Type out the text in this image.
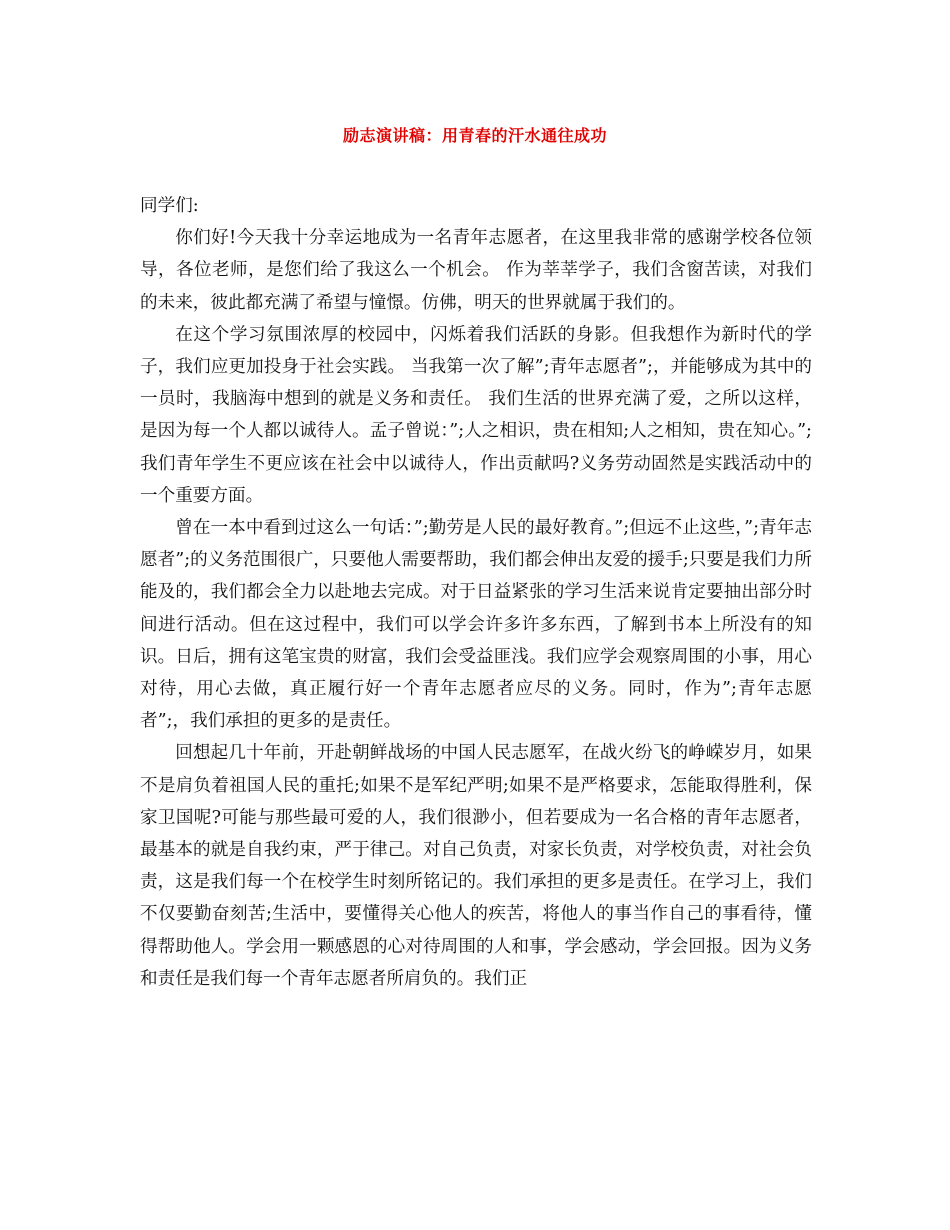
励志演讲稿：用青春的汗水通往成功

同学们:

你们好!今天我十分幸运地成为一名青年志愿者，在这里我非常的感谢学校各位领导，各位老师，是您们给了我这么一个机会。 作为莘莘学子，我们含窗苦读，对我们的未来，彼此都充满了希望与憧憬。仿佛，明天的世界就属于我们的。

在这个学习氛围浓厚的校园中，闪烁着我们活跃的身影。但我想作为新时代的学子，我们应更加投身于社会实践。 当我第一次了解”;青年志愿者”;，并能够成为其中的一员时，我脑海中想到的就是义务和责任。 我们生活的世界充满了爱，之所以这样，是因为每一个人都以诚待人。孟子曾说：”;人之相识，贵在相知;人之相知，贵在知心。”;我们青年学生不更应该在社会中以诚待人，作出贡献吗?义务劳动固然是实践活动中的一个重要方面。

曾在一本中看到过这么一句话：”;勤劳是人民的最好教育。”;但远不止这些，”;青年志愿者”;的义务范围很广，只要他人需要帮助，我们都会伸出友爱的援手;只要是我们力所能及的，我们都会全力以赴地去完成。对于日益紧张的学习生活来说肯定要抽出部分时间进行活动。但在这过程中，我们可以学会许多许多东西，了解到书本上所没有的知识。日后，拥有这笔宝贵的财富，我们会受益匪浅。我们应学会观察周围的小事，用心对待，用心去做，真正履行好一个青年志愿者应尽的义务。同时，作为”;青年志愿者”;，我们承担的更多的是责任。

回想起几十年前，开赴朝鲜战场的中国人民志愿军，在战火纷飞的峥嵘岁月，如果不是肩负着祖国人民的重托;如果不是军纪严明;如果不是严格要求，怎能取得胜利，保家卫国呢?可能与那些最可爱的人，我们很渺小，但若要成为一名合格的青年志愿者，最基本的就是自我约束，严于律己。对自己负责，对家长负责，对学校负责，对社会负责，这是我们每一个在校学生时刻所铭记的。我们承担的更多是责任。在学习上，我们不仅要勤奋刻苦;生活中，要懂得关心他人的疾苦，将他人的事当作自己的事看待，懂得帮助他人。学会用一颗感恩的心对待周围的人和事，学会感动，学会回报。因为义务和责任是我们每一个青年志愿者所肩负的。我们正
